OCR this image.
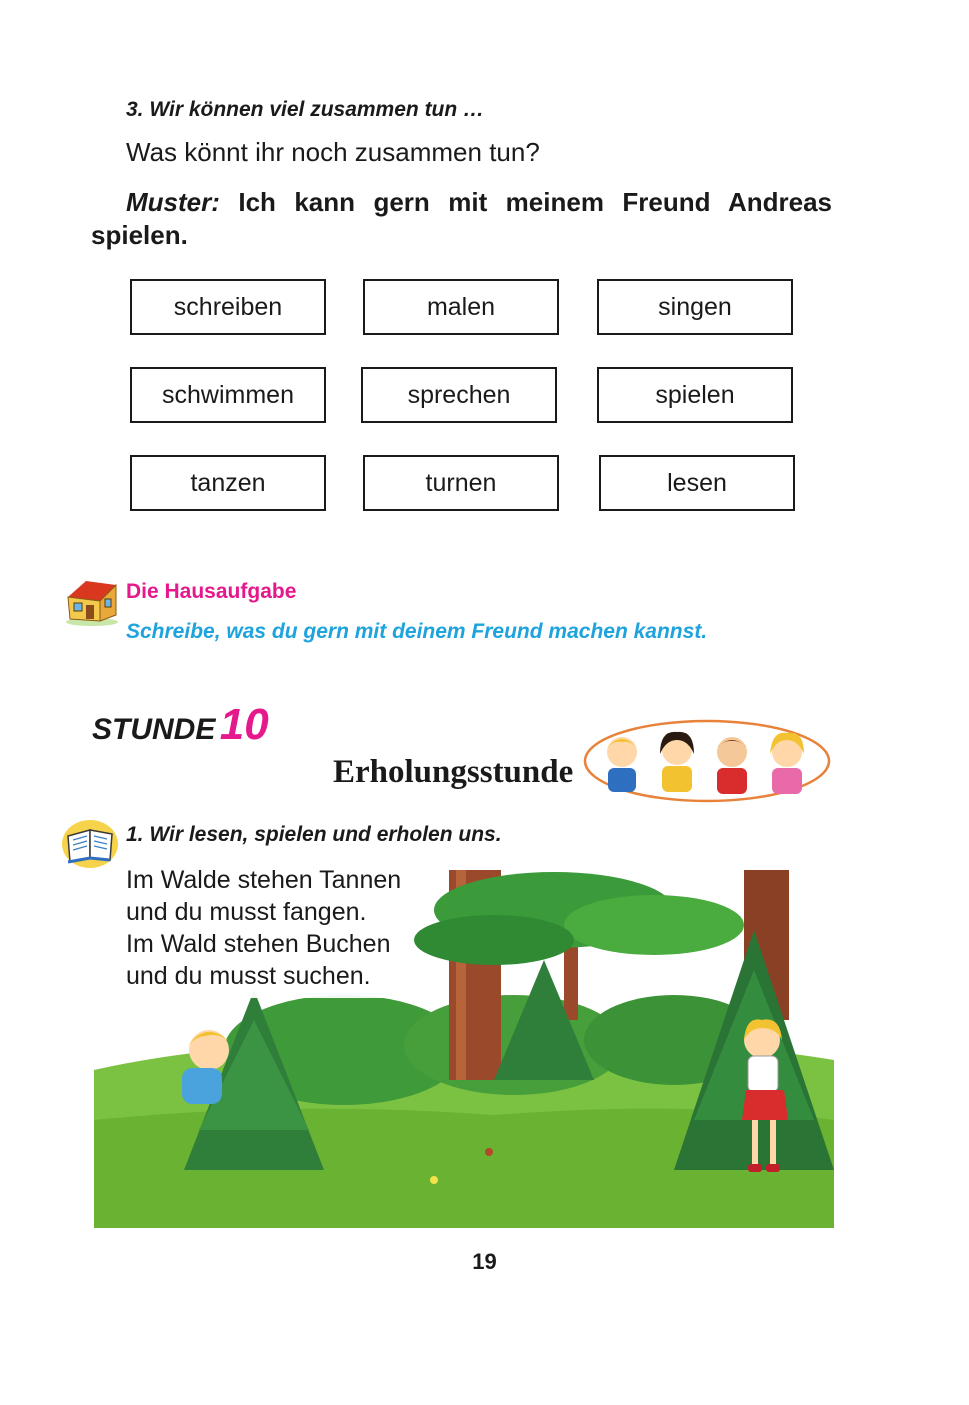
3. Wir können viel zusammen tun …
Was könnt ihr noch zusammen tun?
Muster: Ich kann gern mit meinem Freund Andreas spielen.
schreiben	malen	singen
schwimmen	sprechen	spielen
tanzen	turnen	lesen
Die Hausaufgabe
Schreibe, was du gern mit deinem Freund machen kannst.
STUNDE 10
Erholungsstunde
1. Wir lesen, spielen und erholen uns.
Im Walde stehen Tannen
und du musst fangen.
Im Wald stehen Buchen
und du musst suchen.
19
